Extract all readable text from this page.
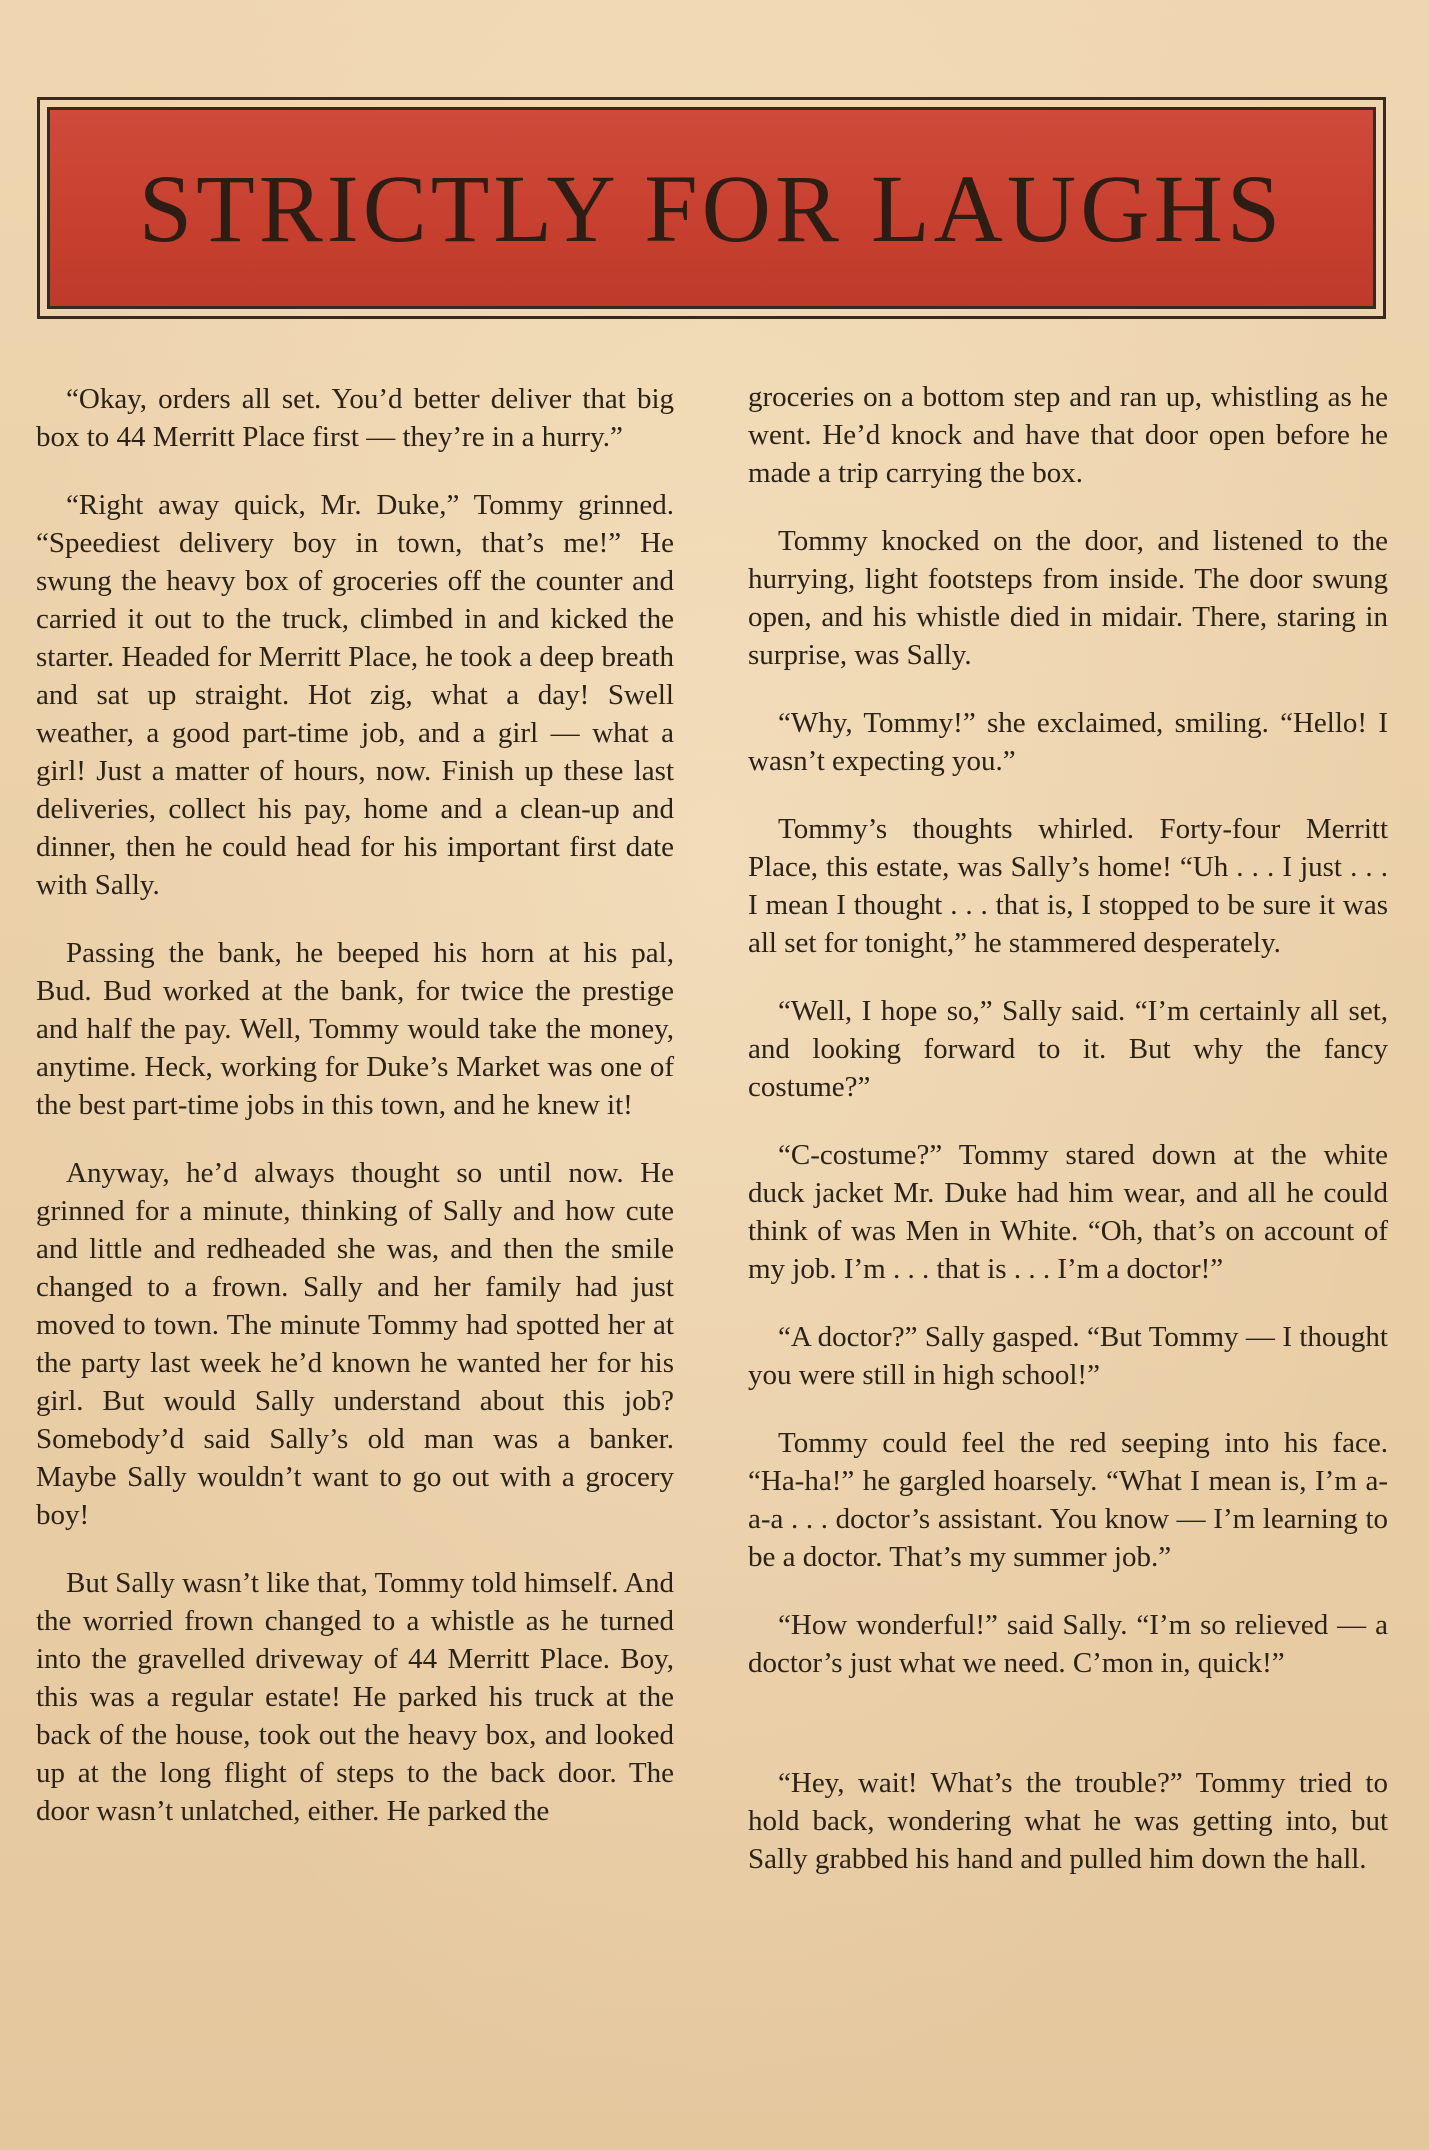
STRICTLY FOR LAUGHS

“Okay, orders all set. You’d better deliver that big box to 44 Merritt Place first — they’re in a hurry.”

“Right away quick, Mr. Duke,” Tommy grinned. “Speediest delivery boy in town, that’s me!” He swung the heavy box of groceries off the counter and carried it out to the truck, climbed in and kicked the starter. Headed for Merritt Place, he took a deep breath and sat up straight. Hot zig, what a day! Swell weather, a good part-time job, and a girl — what a girl! Just a matter of hours, now. Finish up these last deliveries, collect his pay, home and a clean-up and dinner, then he could head for his important first date with Sally.

Passing the bank, he beeped his horn at his pal, Bud. Bud worked at the bank, for twice the prestige and half the pay. Well, Tommy would take the money, anytime. Heck, working for Duke’s Market was one of the best part-time jobs in this town, and he knew it!

Anyway, he’d always thought so until now. He grinned for a minute, thinking of Sally and how cute and little and redheaded she was, and then the smile changed to a frown. Sally and her family had just moved to town. The minute Tommy had spotted her at the party last week he’d known he wanted her for his girl. But would Sally understand about this job? Somebody’d said Sally’s old man was a banker. Maybe Sally wouldn’t want to go out with a grocery boy!

But Sally wasn’t like that, Tommy told himself. And the worried frown changed to a whistle as he turned into the gravelled driveway of 44 Merritt Place. Boy, this was a regular estate! He parked his truck at the back of the house, took out the heavy box, and looked up at the long flight of steps to the back door. The door wasn’t unlatched, either. He parked the

groceries on a bottom step and ran up, whistling as he went. He’d knock and have that door open before he made a trip carrying the box.

Tommy knocked on the door, and listened to the hurrying, light footsteps from inside. The door swung open, and his whistle died in midair. There, staring in surprise, was Sally.

“Why, Tommy!” she exclaimed, smiling. “Hello! I wasn’t expecting you.”

Tommy’s thoughts whirled. Forty-four Merritt Place, this estate, was Sally’s home! “Uh . . . I just . . . I mean I thought . . . that is, I stopped to be sure it was all set for tonight,” he stammered desperately.

“Well, I hope so,” Sally said. “I’m certainly all set, and looking forward to it. But why the fancy costume?”

“C-costume?” Tommy stared down at the white duck jacket Mr. Duke had him wear, and all he could think of was Men in White. “Oh, that’s on account of my job. I’m . . . that is . . . I’m a doctor!”

“A doctor?” Sally gasped. “But Tommy — I thought you were still in high school!”

Tommy could feel the red seeping into his face. “Ha-ha!” he gargled hoarsely. “What I mean is, I’m a-a-a . . . doctor’s assistant. You know — I’m learning to be a doctor. That’s my summer job.”

“How wonderful!” said Sally. “I’m so relieved — a doctor’s just what we need. C’mon in, quick!”

“Hey, wait! What’s the trouble?” Tommy tried to hold back, wondering what he was getting into, but Sally grabbed his hand and pulled him down the hall.
